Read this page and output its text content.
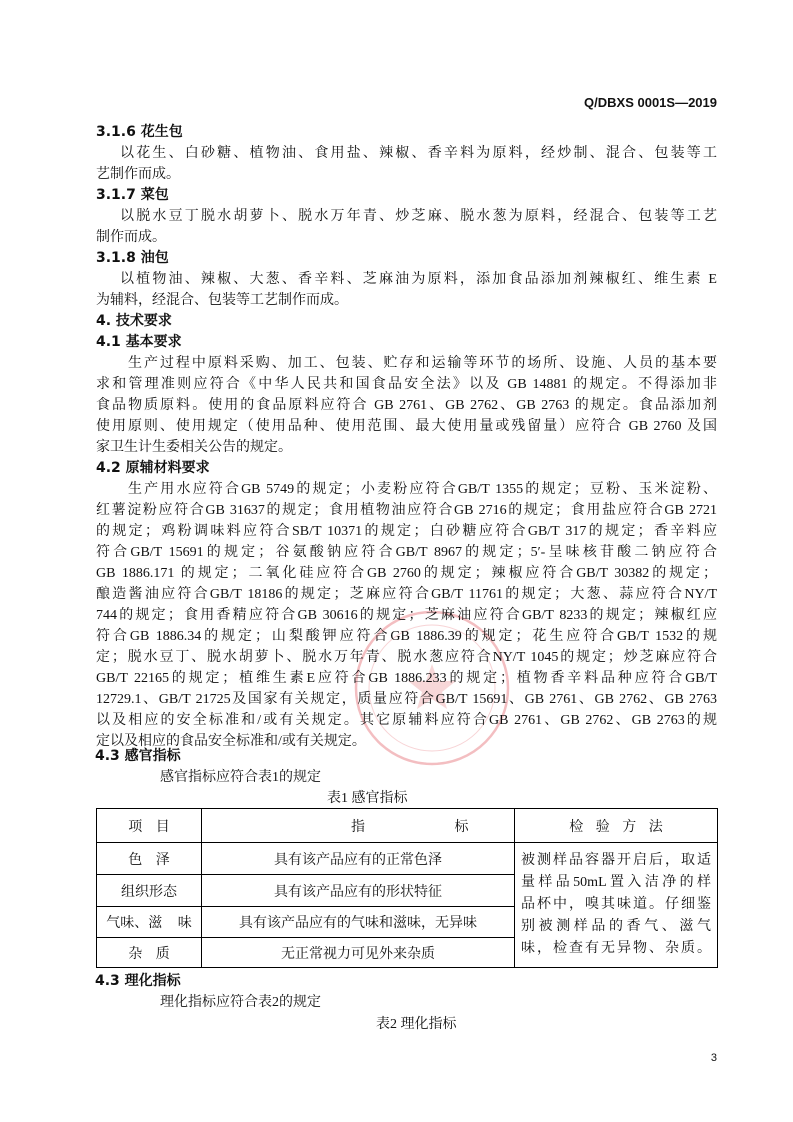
Q/DBXS 0001S—2019
3.1.6 花生包
以花生、白砂糖、植物油、食用盐、辣椒、香辛料为原料，经炒制、混合、包装等工
艺制作而成。
3.1.7 菜包
以脱水豆丁脱水胡萝卜、脱水万年青、炒芝麻、脱水葱为原料，经混合、包装等工艺
制作而成。
3.1.8 油包
以植物油、辣椒、大葱、香辛料、芝麻油为原料，添加食品添加剂辣椒红、维生素 E
为辅料，经混合、包装等工艺制作而成。
4. 技术要求
4.1 基本要求
生产过程中原料采购、加工、包装、贮存和运输等环节的场所、设施、人员的基本要
求和管理准则应符合《中华人民共和国食品安全法》以及 GB 14881 的规定。不得添加非
食品物质原料。使用的食品原料应符合 GB 2761、GB 2762、GB 2763 的规定。食品添加剂
使用原则、使用规定（使用品种、使用范围、最大使用量或残留量）应符合 GB 2760 及国
家卫生计生委相关公告的规定。
4.2 原辅材料要求
生产用水应符合GB 5749的规定；小麦粉应符合GB/T 1355的规定；豆粉、玉米淀粉、
红薯淀粉应符合GB 31637的规定；食用植物油应符合GB 2716的规定；食用盐应符合GB 2721
的规定；鸡粉调味料应符合SB/T 10371的规定；白砂糖应符合GB/T 317的规定；香辛料应
符合GB/T 15691的规定；谷氨酸钠应符合GB/T 8967的规定；5′-呈味核苷酸二钠应符合
GB 1886.171 的规定；二氧化硅应符合GB 2760的规定；辣椒应符合GB/T 30382的规定；
酿造酱油应符合GB/T 18186的规定；芝麻应符合GB/T 11761的规定；大葱、蒜应符合NY/T
744的规定；食用香精应符合GB 30616的规定；芝麻油应符合GB/T 8233的规定；辣椒红应
符合GB 1886.34的规定；山梨酸钾应符合GB 1886.39的规定；花生应符合GB/T 1532的规
定；脱水豆丁、脱水胡萝卜、脱水万年青、脱水葱应符合NY/T 1045的规定；炒芝麻应符合
GB/T 22165的规定；植维生素E应符合GB 1886.233的规定；植物香辛料品种应符合GB/T
12729.1、GB/T 21725及国家有关规定，质量应符合GB/T 15691、GB 2761、GB 2762、GB 2763
以及相应的安全标准和/或有关规定。其它原辅料应符合GB 2761、GB 2762、GB 2763的规
定以及相应的食品安全标准和/或有关规定。
4.3 感官指标
感官指标应符合表1的规定
表1 感官指标
项 目	指 标	检 验 方 法
色 泽	具有该产品应有的正常色泽	被测样品容器开启后，取适
量样品50mL置入洁净的样
品杯中，嗅其味道。仔细鉴
别被测样品的香气、滋气
味，检查有无异物、杂质。

组织形态	具有该产品应有的形状特征	
气味、滋 味	具有该产品应有的气味和滋味，无异味	
杂 质	无正常视力可见外来杂质	
4.3 理化指标
理化指标应符合表2的规定
表2 理化指标
3
